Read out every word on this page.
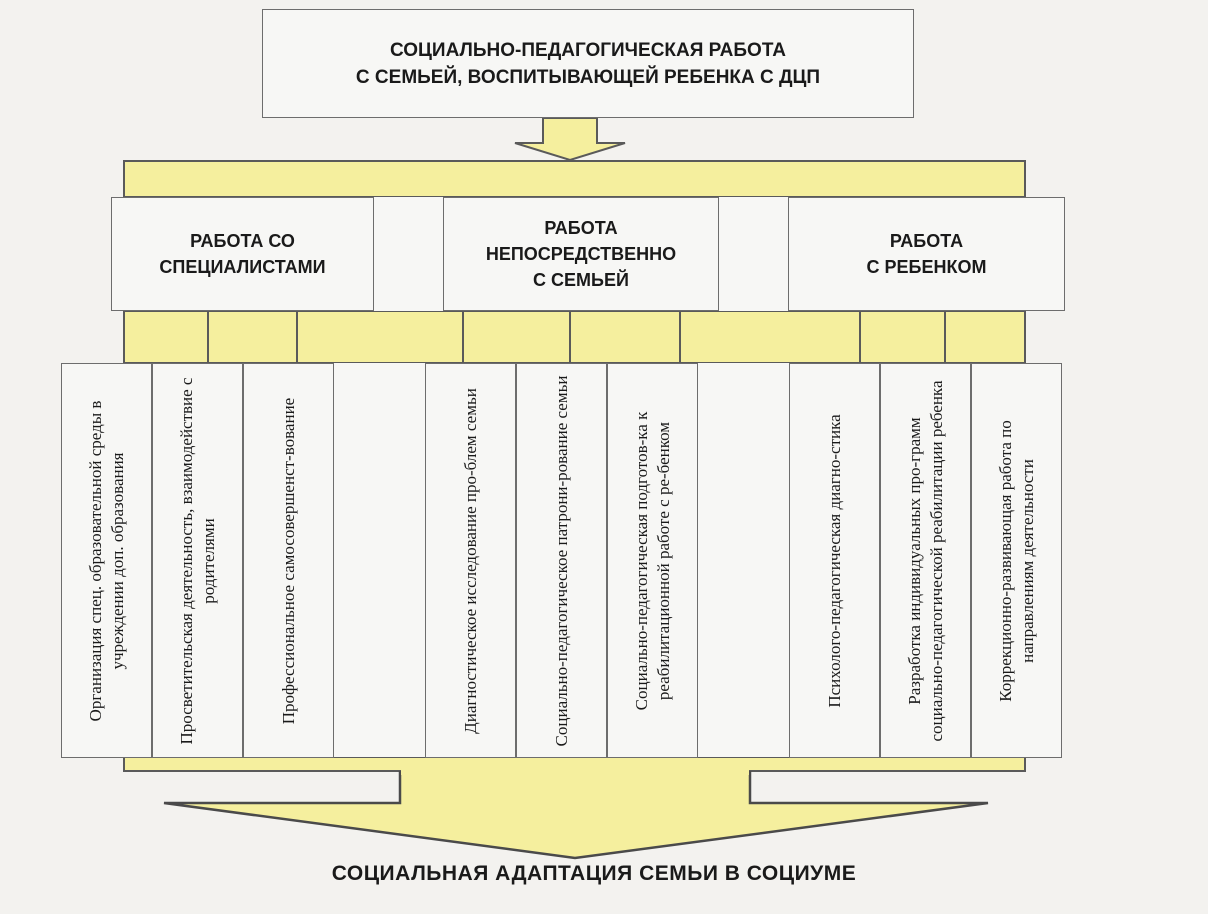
СОЦИАЛЬНО-ПЕДАГОГИЧЕСКАЯ РАБОТА
С СЕМЬЕЙ, ВОСПИТЫВАЮЩЕЙ РЕБЕНКА С ДЦП
РАБОТА СО
СПЕЦИАЛИСТАМИ
РАБОТА
НЕПОСРЕДСТВЕННО
С СЕМЬЕЙ
РАБОТА
С РЕБЕНКОМ
Организация спец. образовательной среды в учреждении доп. образования	Просветительская деятельность, взаимодействие с родителями	Профессиональное самосовершенст-вование	Диагностическое исследование про-блем семьи	Социально-педагогическое патрони-рование семьи	Социально-педагогическая подготов-ка к реабилитационной работе с ре-бенком	Психолого-педагогическая диагно-стика	Разработка индивидуальных про-грамм социально-педагогической реабилитации ребенка	Коррекционно-развивающая работа по направлениям деятельности
СОЦИАЛЬНАЯ АДАПТАЦИЯ СЕМЬИ В СОЦИУМЕ
